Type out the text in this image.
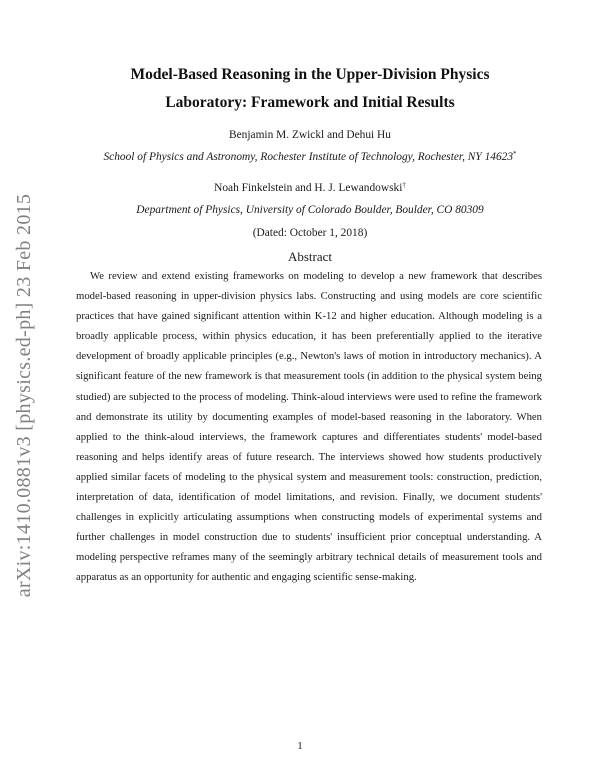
arXiv:1410.0881v3 [physics.ed-ph] 23 Feb 2015
Model-Based Reasoning in the Upper-Division Physics
Laboratory: Framework and Initial Results
Benjamin M. Zwickl and Dehui Hu
School of Physics and Astronomy, Rochester Institute of Technology, Rochester, NY 14623*
Noah Finkelstein and H. J. Lewandowski†
Department of Physics, University of Colorado Boulder, Boulder, CO 80309
(Dated: October 1, 2018)
Abstract

We review and extend existing frameworks on modeling to develop a new framework that describes model-based reasoning in upper-division physics labs. Constructing and using models are core scientific practices that have gained significant attention within K-12 and higher education. Although modeling is a broadly applicable process, within physics education, it has been preferentially applied to the iterative development of broadly applicable principles (e.g., Newton's laws of motion in introductory mechanics). A significant feature of the new framework is that measurement tools (in addition to the physical system being studied) are subjected to the process of modeling. Think-aloud interviews were used to refine the framework and demonstrate its utility by documenting examples of model-based reasoning in the laboratory. When applied to the think-aloud interviews, the framework captures and differentiates students' model-based reasoning and helps identify areas of future research. The interviews showed how students productively applied similar facets of modeling to the physical system and measurement tools: construction, prediction, interpretation of data, identification of model limitations, and revision. Finally, we document students' challenges in explicitly articulating assumptions when constructing models of experimental systems and further challenges in model construction due to students' insufficient prior conceptual understanding. A modeling perspective reframes many of the seemingly arbitrary technical details of measurement tools and apparatus as an opportunity for authentic and engaging scientific sense-making.

1
